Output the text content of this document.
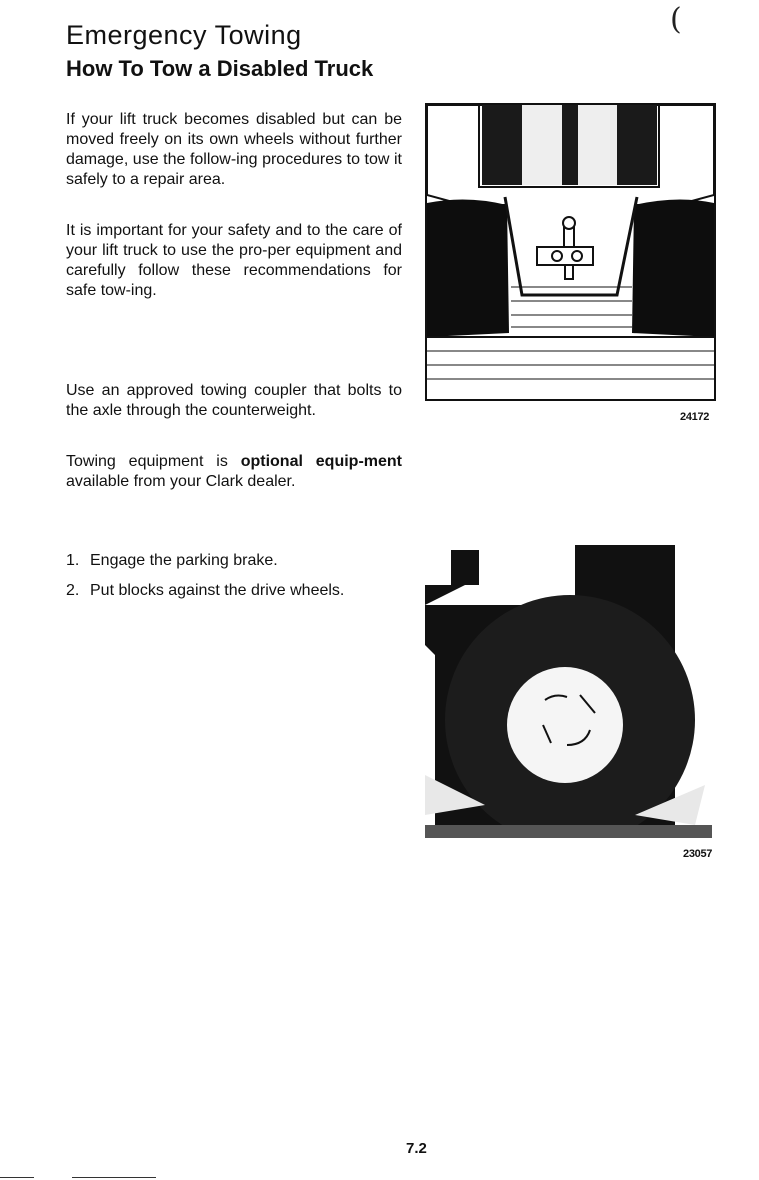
(
Emergency Towing
How To Tow a Disabled Truck

If your lift truck becomes disabled but can be moved freely on its own wheels without further damage, use the follow-ing procedures to tow it safely to a repair area.

It is important for your safety and to the care of your lift truck to use the pro-per equipment and carefully follow these recommendations for safe tow-ing.

Use an approved towing coupler that bolts to the axle through the counterweight.

Towing equipment is optional equip-ment available from your Clark dealer.

1. Engage the parking brake.
2. Put blocks against the drive wheels.
24172
23057
7.2
